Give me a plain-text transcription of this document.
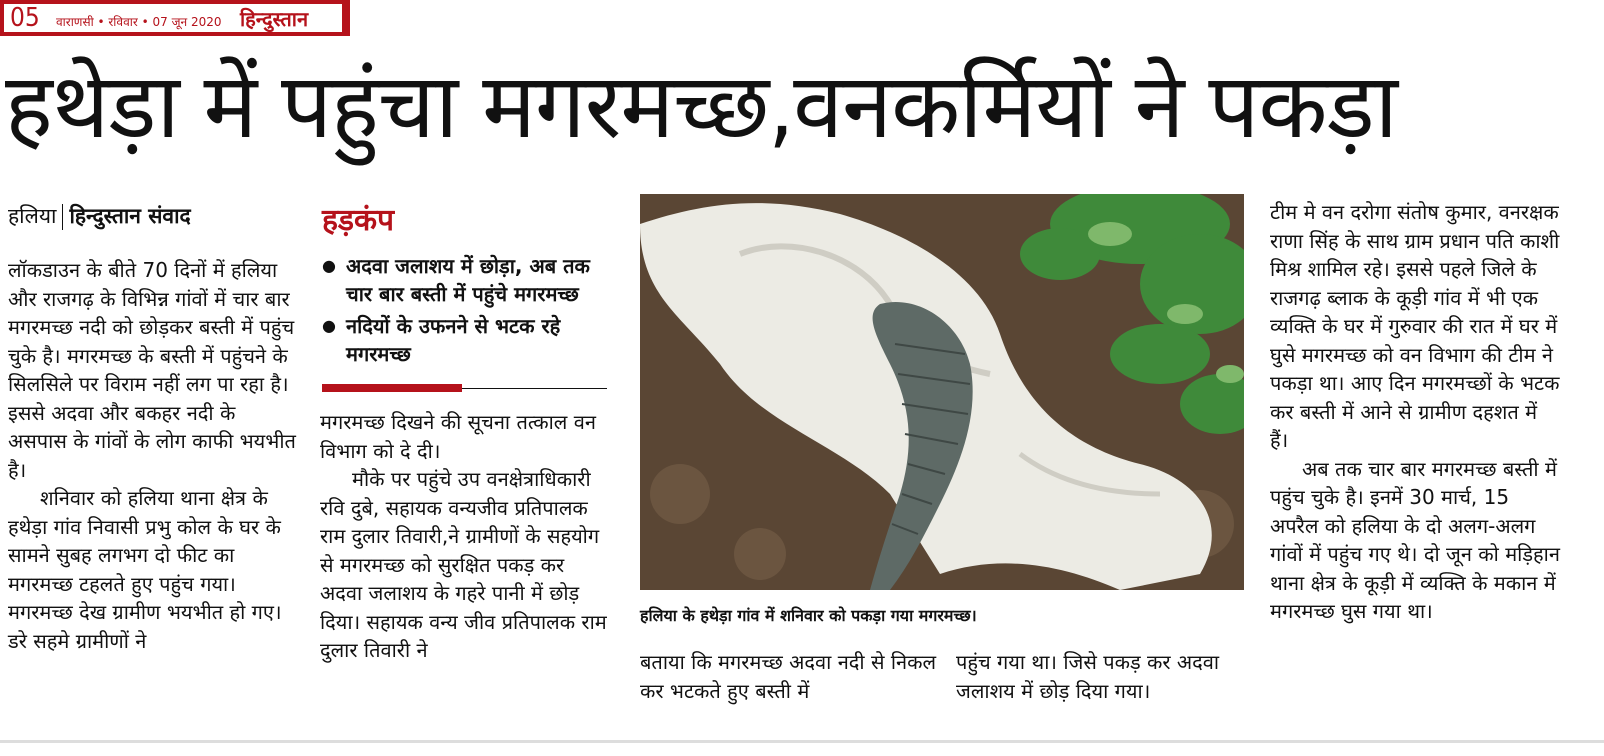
05 वाराणसी • रविवार • 07 जून 2020 हिन्दुस्तान
हथेड़ा में पहुंचा मगरमच्छ,वनकर्मियों ने पकड़ा
हलिया हिन्दुस्तान संवाद

लॉकडाउन के बीते 70 दिनों में हलिया और राजगढ़ के विभिन्न गांवों में चार बार मगरमच्छ नदी को छोड़कर बस्ती में पहुंच चुके है। मगरमच्छ के बस्ती में पहुंचने के सिलसिले पर विराम नहीं लग पा रहा है। इससे अदवा और बकहर नदी के असपास के गांवों के लोग काफी भयभीत है।

शनिवार को हलिया थाना क्षेत्र के हथेड़ा गांव निवासी प्रभु कोल के घर के सामने सुबह लगभग दो फीट का मगरमच्छ टहलते हुए पहुंच गया। मगरमच्छ देख ग्रामीण भयभीत हो गए। डरे सहमे ग्रामीणों ने

हड़कंप
● अदवा जलाशय में छोड़ा, अब तक चार बार बस्ती में पहुंचे मगरमच्छ
● नदियों के उफनने से भटक रहे मगरमच्छ

मगरमच्छ दिखने की सूचना तत्काल वन विभाग को दे दी।

मौके पर पहुंचे उप वनक्षेत्राधिकारी रवि दुबे, सहायक वन्यजीव प्रतिपालक राम दुलार तिवारी,ने ग्रामीणों के सहयोग से मगरमच्छ को सुरक्षित पकड़ कर अदवा जलाशय के गहरे पानी में छोड़ दिया। सहायक वन्य जीव प्रतिपालक राम दुलार तिवारी ने

हलिया के हथेड़ा गांव में शनिवार को पकड़ा गया मगरमच्छ।

बताया कि मगरमच्छ अदवा नदी से निकल कर भटकते हुए बस्ती में

पहुंच गया था। जिसे पकड़ कर अदवा जलाशय में छोड़ दिया गया।

टीम मे वन दरोगा संतोष कुमार, वनरक्षक राणा सिंह के साथ ग्राम प्रधान पति काशी मिश्र शामिल रहे। इससे पहले जिले के राजगढ़ ब्लाक के कूड़ी गांव में भी एक व्यक्ति के घर में गुरुवार की रात में घर में घुसे मगरमच्छ को वन विभाग की टीम ने पकड़ा था। आए दिन मगरमच्छों के भटक कर बस्ती में आने से ग्रामीण दहशत में हैं।

अब तक चार बार मगरमच्छ बस्ती में पहुंच चुके है। इनमें 30 मार्च, 15 अपरैल को हलिया के दो अलग-अलग गांवों में पहुंच गए थे। दो जून को मड़िहान थाना क्षेत्र के कूड़ी में व्यक्ति के मकान में मगरमच्छ घुस गया था।
